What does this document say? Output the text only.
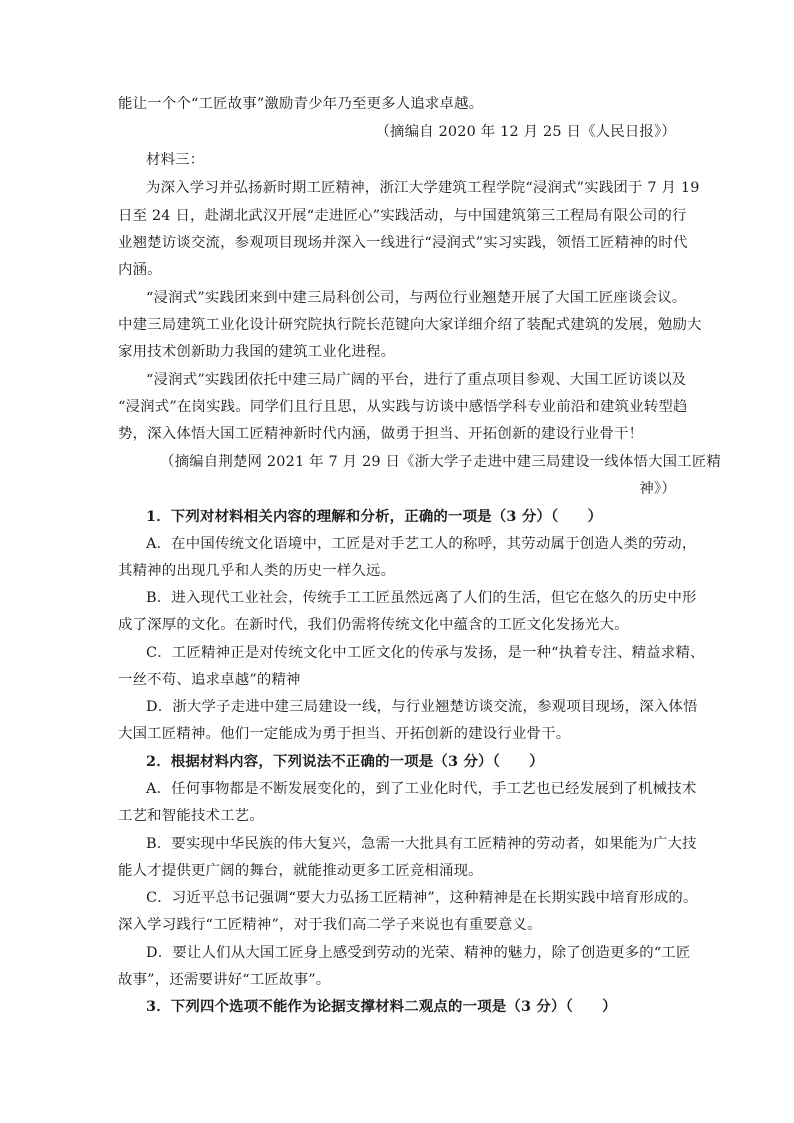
能让一个个“工匠故事”激励青少年乃至更多人追求卓越。
（摘编自 2020 年 12 月 25 日《人民日报》）
材料三：
为深入学习并弘扬新时期工匠精神，浙江大学建筑工程学院“浸润式”实践团于 7 月 19
日至 24 日，赴湖北武汉开展“走进匠心”实践活动，与中国建筑第三工程局有限公司的行
业翘楚访谈交流，参观项目现场并深入一线进行“浸润式”实习实践，领悟工匠精神的时代
内涵。
“浸润式”实践团来到中建三局科创公司，与两位行业翘楚开展了大国工匠座谈会议。
中建三局建筑工业化设计研究院执行院长范键向大家详细介绍了装配式建筑的发展，勉励大
家用技术创新助力我国的建筑工业化进程。
“浸润式”实践团依托中建三局广阔的平台，进行了重点项目参观、大国工匠访谈以及
“浸润式”在岗实践。同学们且行且思，从实践与访谈中感悟学科专业前沿和建筑业转型趋
势，深入体悟大国工匠精神新时代内涵，做勇于担当、开拓创新的建设行业骨干！
（摘编自荆楚网 2021 年 7 月 29 日《浙大学子走进中建三局建设一线体悟大国工匠精
神》）
1．下列对材料相关内容的理解和分析，正确的一项是（3 分）（　　）
A．在中国传统文化语境中，工匠是对手艺工人的称呼，其劳动属于创造人类的劳动，
其精神的出现几乎和人类的历史一样久远。
B．进入现代工业社会，传统手工工匠虽然远离了人们的生活，但它在悠久的历史中形
成了深厚的文化。在新时代，我们仍需将传统文化中蕴含的工匠文化发扬光大。
C．工匠精神正是对传统文化中工匠文化的传承与发扬，是一种“执着专注、精益求精、
一丝不苟、追求卓越”的精神
D．浙大学子走进中建三局建设一线，与行业翘楚访谈交流，参观项目现场，深入体悟
大国工匠精神。他们一定能成为勇于担当、开拓创新的建设行业骨干。
2．根据材料内容，下列说法不正确的一项是（3 分）（　　）
A．任何事物都是不断发展变化的，到了工业化时代，手工艺也已经发展到了机械技术
工艺和智能技术工艺。
B．要实现中华民族的伟大复兴，急需一大批具有工匠精神的劳动者，如果能为广大技
能人才提供更广阔的舞台，就能推动更多工匠竞相涌现。
C．习近平总书记强调“要大力弘扬工匠精神”，这种精神是在长期实践中培育形成的。
深入学习践行“工匠精神”，对于我们高二学子来说也有重要意义。
D．要让人们从大国工匠身上感受到劳动的光荣、精神的魅力，除了创造更多的“工匠
故事”，还需要讲好“工匠故事”。
3．下列四个选项不能作为论据支撑材料二观点的一项是（3 分）（　　）
